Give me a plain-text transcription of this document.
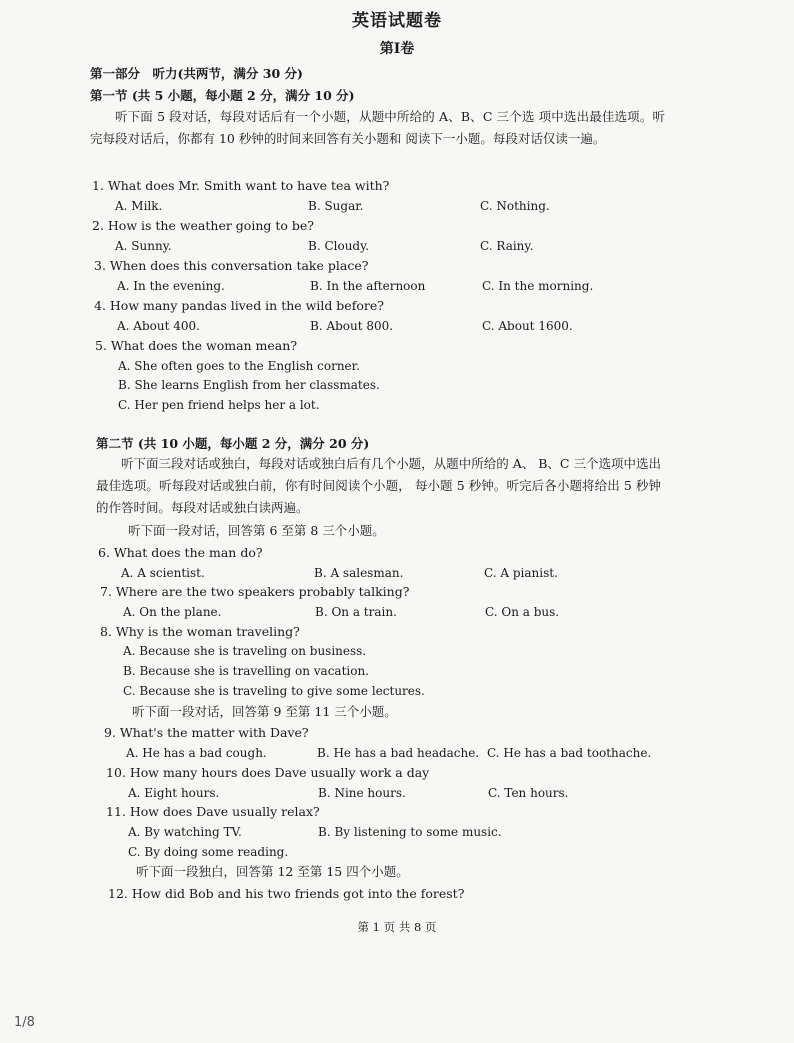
英语试题卷
第Ⅰ卷
第一部分　听力(共两节，满分 30 分)
第一节 (共 5 小题，每小题 2 分，满分 10 分)
听下面 5 段对话，每段对话后有一个小题，从题中所给的 A、B、C 三个选 项中选出最佳选项。听完每段对话后，你都有 10 秒钟的时间来回答有关小题和 阅读下一小题。每段对话仅读一遍。
1. What does Mr. Smith want to have tea with?
A. Milk.	B. Sugar.	C. Nothing.
2. How is the weather going to be?
A. Sunny.	B. Cloudy.	C. Rainy.
3. When does this conversation take place?
A. In the evening.	B. In the afternoon	C. In the morning.
4. How many pandas lived in the wild before?
A. About 400.	B. About 800.	C. About 1600.
5. What does the woman mean?
A. She often goes to the English corner.
B. She learns English from her classmates.
C. Her pen friend helps her a lot.
第二节 (共 10 小题，每小题 2 分，满分 20 分)
听下面三段对话或独白，每段对话或独白后有几个小题，从题中所给的 A、 B、C 三个选项中选出最佳选项。听每段对话或独白前，你有时间阅读个小题， 每小题 5 秒钟。听完后各小题将给出 5 秒钟的作答时间。每段对话或独白读两遍。
听下面一段对话，回答第 6 至第 8 三个小题。
6. What does the man do?
A. A scientist.	B. A salesman.	C. A pianist.
7. Where are the two speakers probably talking?
A. On the plane.	B. On a train.	C. On a bus.
8. Why is the woman traveling?
A. Because she is traveling on business.
B. Because she is travelling on vacation.
C. Because she is traveling to give some lectures.
听下面一段对话，回答第 9 至第 11 三个小题。
9. What's the matter with Dave?
A. He has a bad cough.	B. He has a bad headache. C. He has a bad toothache.
10. How many hours does Dave usually work a day
A. Eight hours.	B. Nine hours.	C. Ten hours.
11. How does Dave usually relax?
A. By watching TV.	B. By listening to some music.
C. By doing some reading.
听下面一段独白，回答第 12 至第 15 四个小题。
12. How did Bob and his two friends got into the forest?
第 1 页 共 8 页
1/8
